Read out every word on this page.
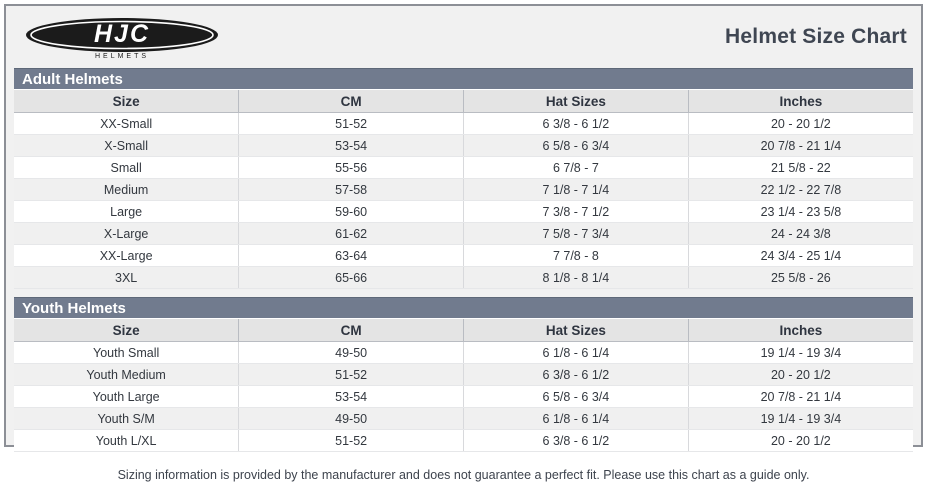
HJC
HELMETS
Helmet Size Chart
Adult Helmets
Size	CM	Hat Sizes	Inches
XX-Small	51-52	6 3/8 - 6 1/2	20 - 20 1/2
X-Small	53-54	6 5/8 - 6 3/4	20 7/8 - 21 1/4
Small	55-56	6 7/8 - 7	21 5/8 - 22
Medium	57-58	7 1/8 - 7 1/4	22 1/2 - 22 7/8
Large	59-60	7 3/8 - 7 1/2	23 1/4 - 23 5/8
X-Large	61-62	7 5/8 - 7 3/4	24 - 24 3/8
XX-Large	63-64	7 7/8 - 8	24 3/4 - 25 1/4
3XL	65-66	8 1/8 - 8 1/4	25 5/8 - 26
Youth Helmets
Size	CM	Hat Sizes	Inches
Youth Small	49-50	6 1/8 - 6 1/4	19 1/4 - 19 3/4
Youth Medium	51-52	6 3/8 - 6 1/2	20 - 20 1/2
Youth Large	53-54	6 5/8 - 6 3/4	20 7/8 - 21 1/4
Youth S/M	49-50	6 1/8 - 6 1/4	19 1/4 - 19 3/4
Youth L/XL	51-52	6 3/8 - 6 1/2	20 - 20 1/2
Sizing information is provided by the manufacturer and does not guarantee a perfect fit. Please use this chart as a guide only.
